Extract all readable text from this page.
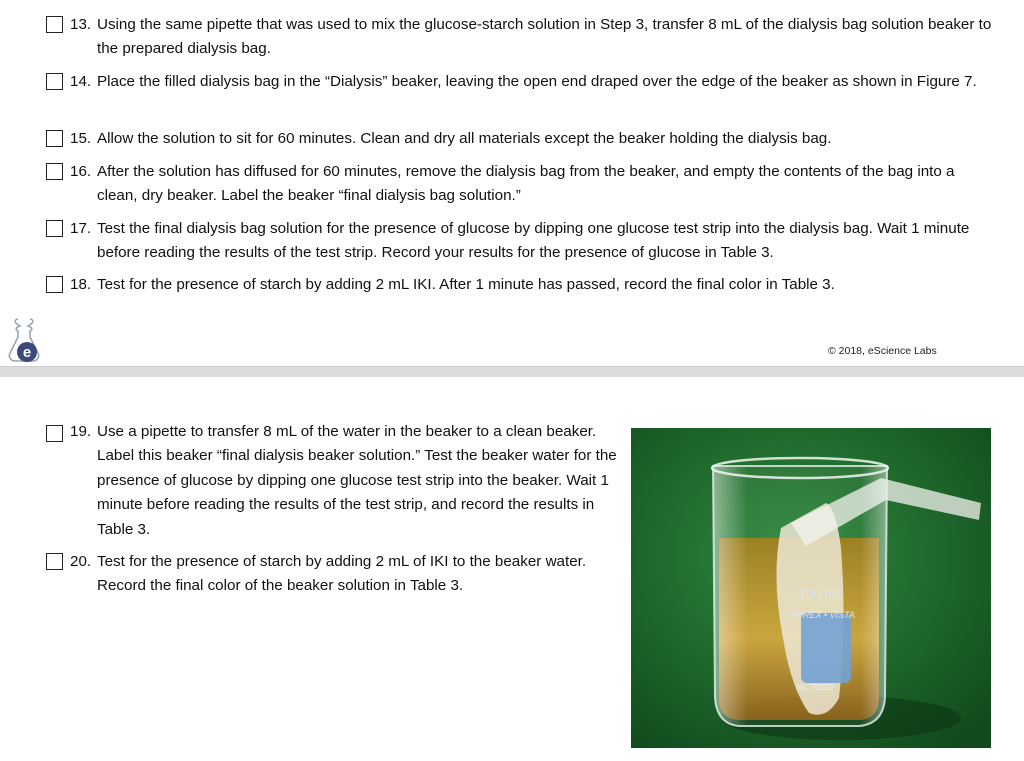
13. Using the same pipette that was used to mix the glucose-starch solution in Step 3, transfer 8 mL of the dialysis bag solution beaker to the prepared dialysis bag.
14. Place the filled dialysis bag in the “Dialysis” beaker, leaving the open end draped over the edge of the beaker as shown in Figure 7.
15. Allow the solution to sit for 60 minutes. Clean and dry all materials except the beaker holding the dialysis bag.
16. After the solution has diffused for 60 minutes, remove the dialysis bag from the beaker, and empty the contents of the bag into a clean, dry beaker. Label the beaker “final dialysis bag solution.”
17. Test the final dialysis bag solution for the presence of glucose by dipping one glucose test strip into the dialysis bag. Wait 1 minute before reading the results of the test strip. Record your results for the presence of glucose in Table 3.
18. Test for the presence of starch by adding 2 mL IKI. After 1 minute has passed, record the final color in Table 3.
e	© 2018, eScience Labs
19. Use a pipette to transfer 8 mL of the water in the beaker to a clean beaker. Label this beaker “final dialysis beaker solution.” Test the beaker water for the presence of glucose by dipping one glucose test strip into the beaker. Wait 1 minute before reading the results of the test strip, and record the results in Table 3.
20. Test for the presence of starch by adding 2 mL of IKI to the beaker water. Record the final color of the beaker solution in Table 3.	100 mL
PYREX • VISTA
No. 70000
